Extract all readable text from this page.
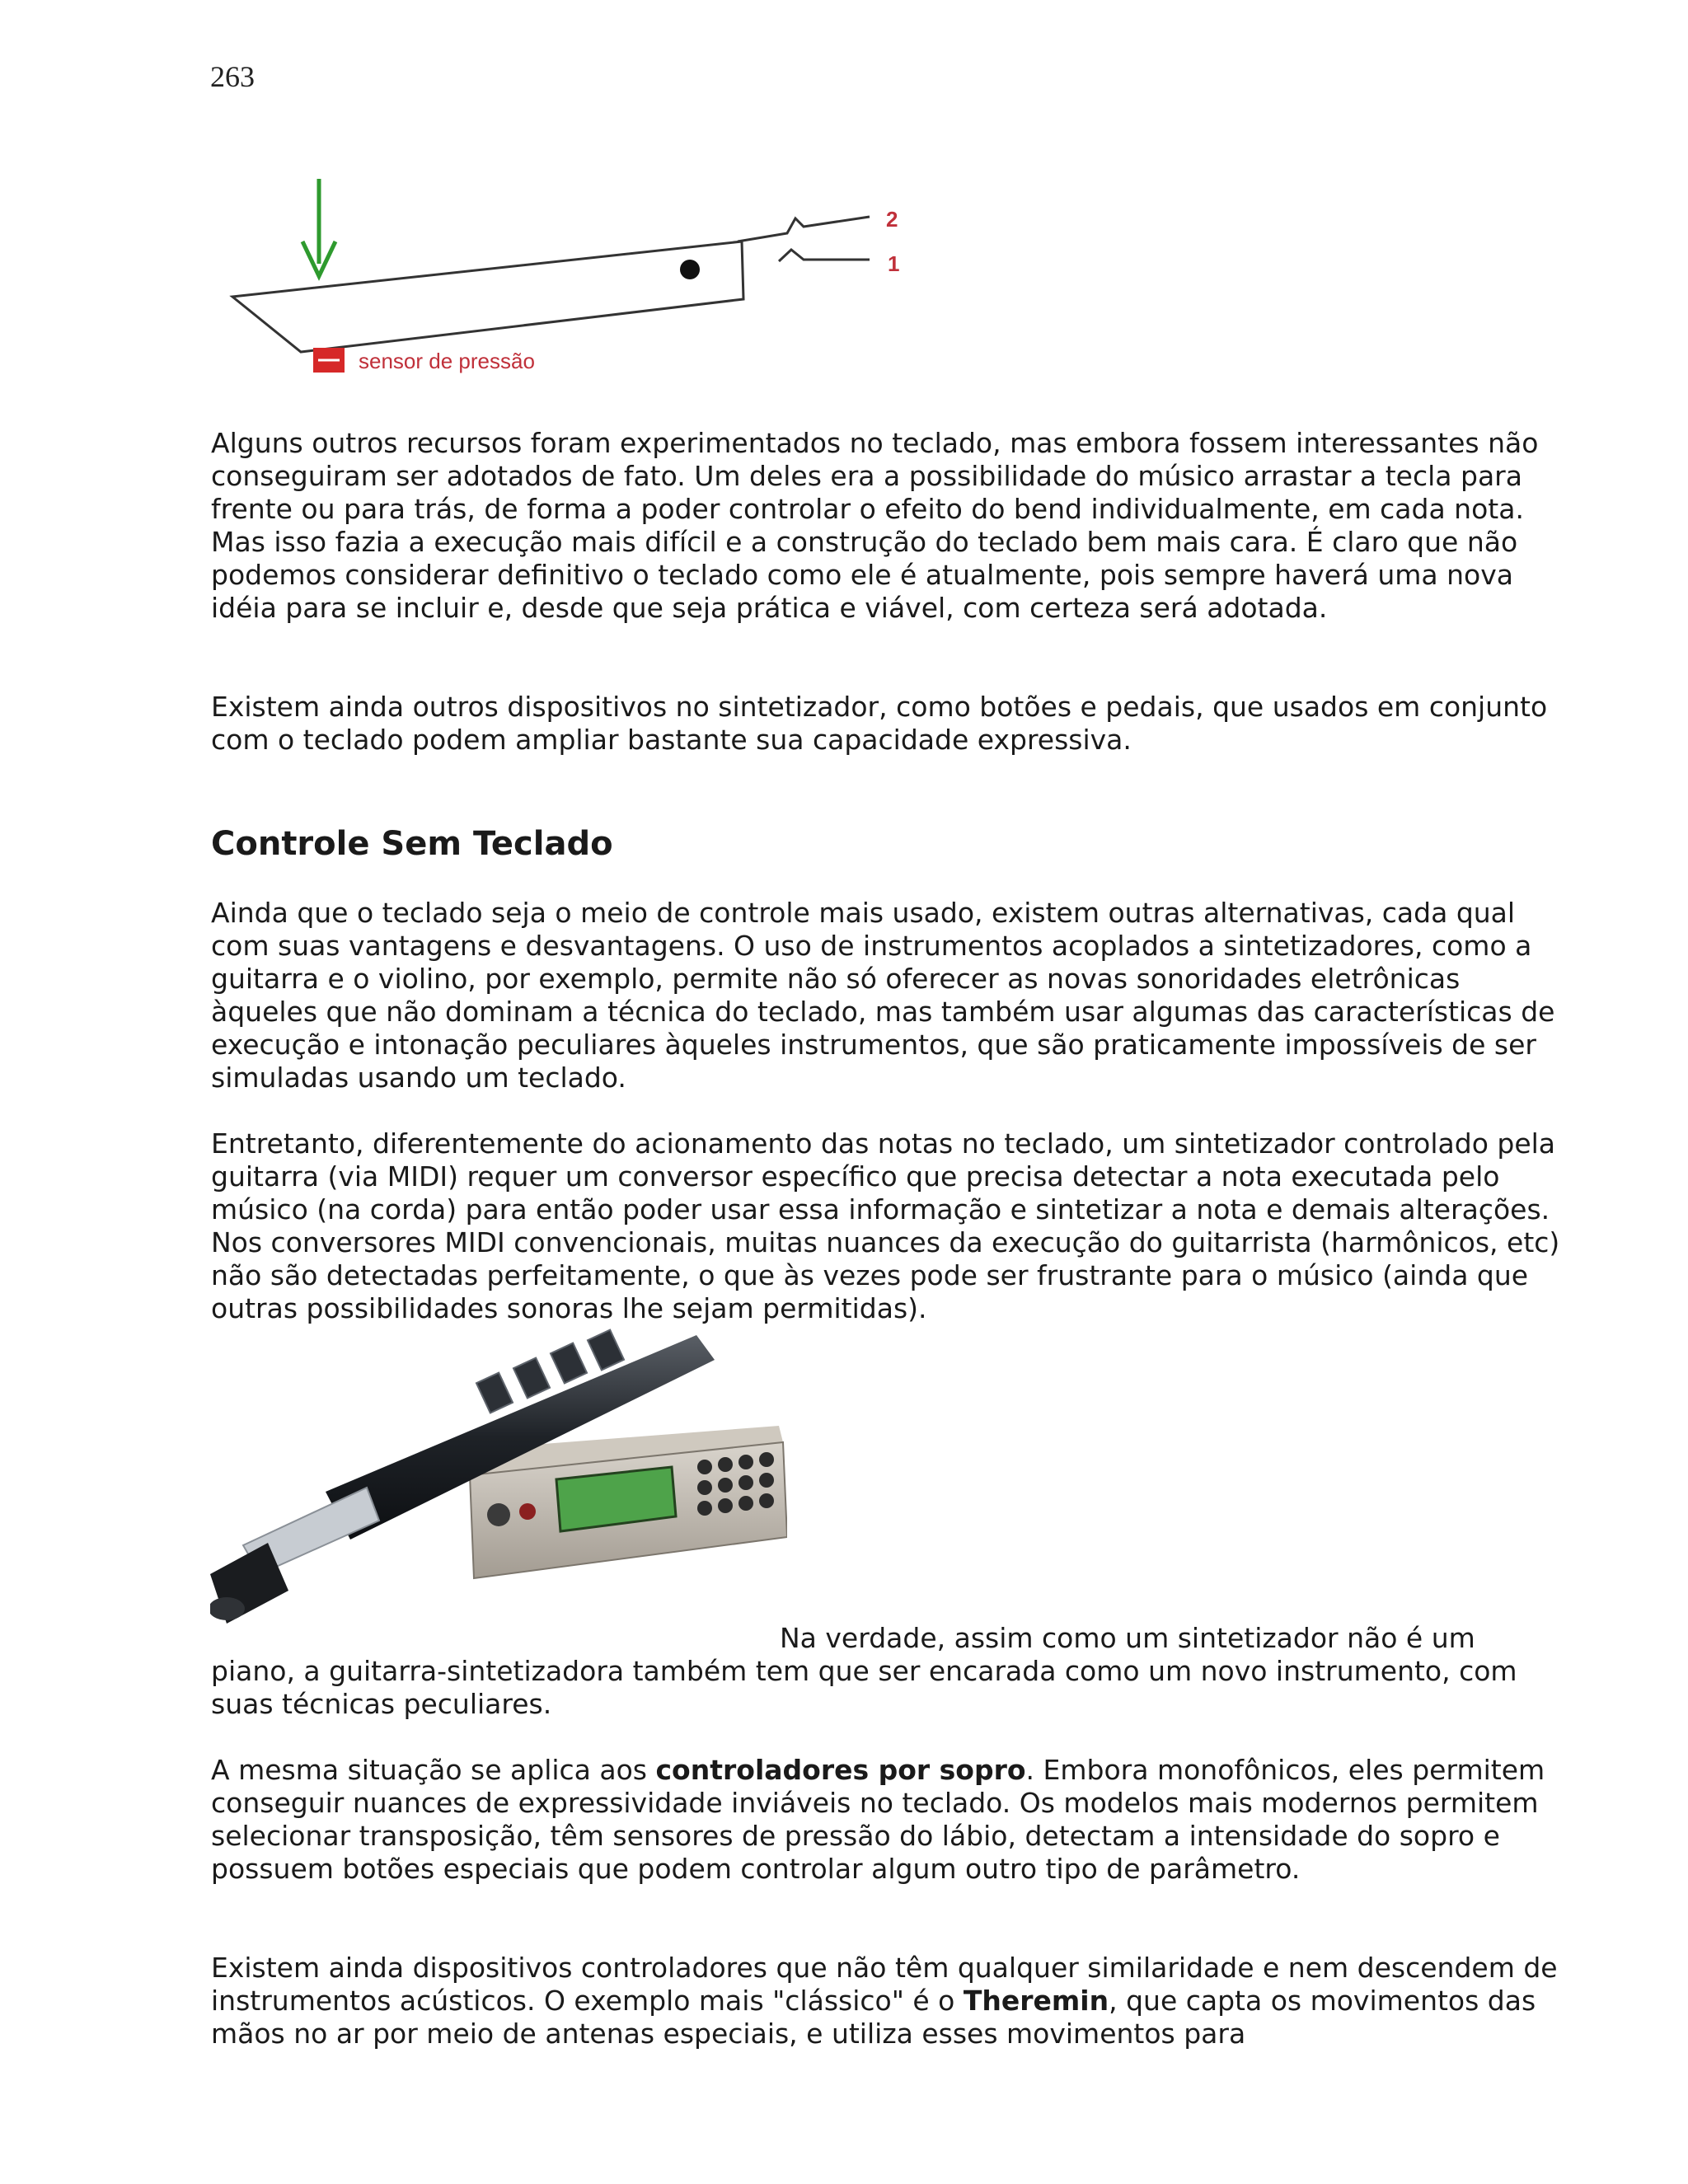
263
2
1
sensor de pressão

Alguns outros recursos foram experimentados no teclado, mas embora fossem interessantes não conseguiram ser adotados de fato. Um deles era a possibilidade do músico arrastar a tecla para frente ou para trás, de forma a poder controlar o efeito do bend individualmente, em cada nota. Mas isso fazia a execução mais difícil e a construção do teclado bem mais cara. É claro que não podemos considerar definitivo o teclado como ele é atualmente, pois sempre haverá uma nova idéia para se incluir e, desde que seja prática e viável, com certeza será adotada.

Existem ainda outros dispositivos no sintetizador, como botões e pedais, que usados em conjunto com o teclado podem ampliar bastante sua capacidade expressiva.

Controle Sem Teclado

Ainda que o teclado seja o meio de controle mais usado, existem outras alternativas, cada qual com suas vantagens e desvantagens. O uso de instrumentos acoplados a sintetizadores, como a guitarra e o violino, por exemplo, permite não só oferecer as novas sonoridades eletrônicas àqueles que não dominam a técnica do teclado, mas também usar algumas das características de execução e intonação peculiares àqueles instrumentos, que são praticamente impossíveis de ser simuladas usando um teclado.

Entretanto, diferentemente do acionamento das notas no teclado, um sintetizador controlado pela guitarra (via MIDI) requer um conversor específico que precisa detectar a nota executada pelo músico (na corda) para então poder usar essa informação e sintetizar a nota e demais alterações. Nos conversores MIDI convencionais, muitas nuances da execução do guitarrista (harmônicos, etc) não são detectadas perfeitamente, o que às vezes pode ser frustrante para o músico (ainda que outras possibilidades sonoras lhe sejam permitidas).

Na verdade, assim como um sintetizador não é um piano, a guitarra-sintetizadora também tem que ser encarada como um novo instrumento, com suas técnicas peculiares.

A mesma situação se aplica aos controladores por sopro. Embora monofônicos, eles permitem conseguir nuances de expressividade inviáveis no teclado. Os modelos mais modernos permitem selecionar transposição, têm sensores de pressão do lábio, detectam a intensidade do sopro e possuem botões especiais que podem controlar algum outro tipo de parâmetro.

Existem ainda dispositivos controladores que não têm qualquer similaridade e nem descendem de instrumentos acústicos. O exemplo mais "clássico" é o Theremin, que capta os movimentos das mãos no ar por meio de antenas especiais, e utiliza esses movimentos para
